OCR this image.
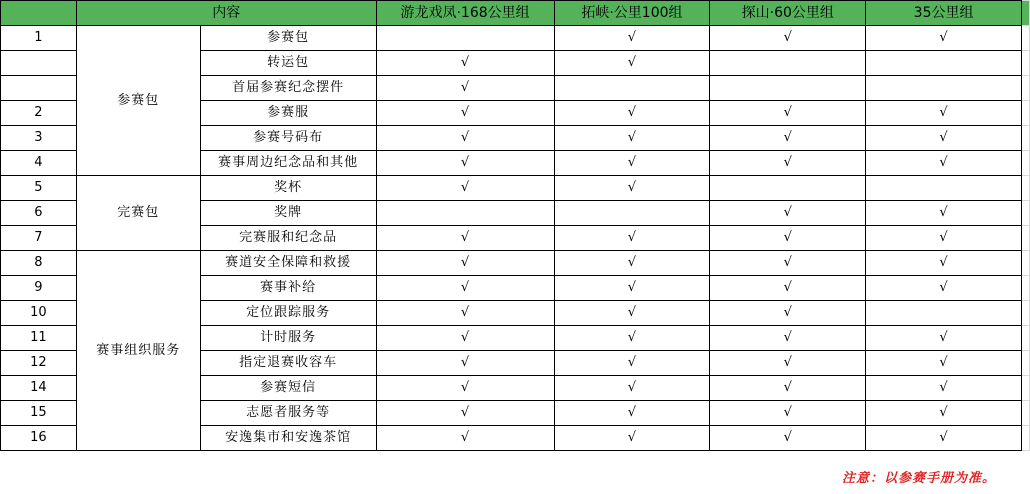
	内容		游龙戏凤·168公里组	拓峡·公里100组	探山·60公里组	35公里组	
1	参赛包	参赛包		√	√	√	
		转运包	√	√			
		首届参赛纪念摆件	√				
2		参赛服	√	√	√	√	
3		参赛号码布	√	√	√	√	
4		赛事周边纪念品和其他	√	√	√	√	
5	完赛包	奖杯	√	√			
6		奖牌			√	√	
7		完赛服和纪念品	√	√	√	√	
8	赛事组织服务	赛道安全保障和救援	√	√	√	√	
9		赛事补给	√	√	√	√	
10		定位跟踪服务	√	√	√		
11		计时服务	√	√	√	√	
12		指定退赛收容车	√	√	√	√	
14		参赛短信	√	√	√	√	
15		志愿者服务等	√	√	√	√	
16		安逸集市和安逸茶馆	√	√	√	√	
注意：以参赛手册为准。
